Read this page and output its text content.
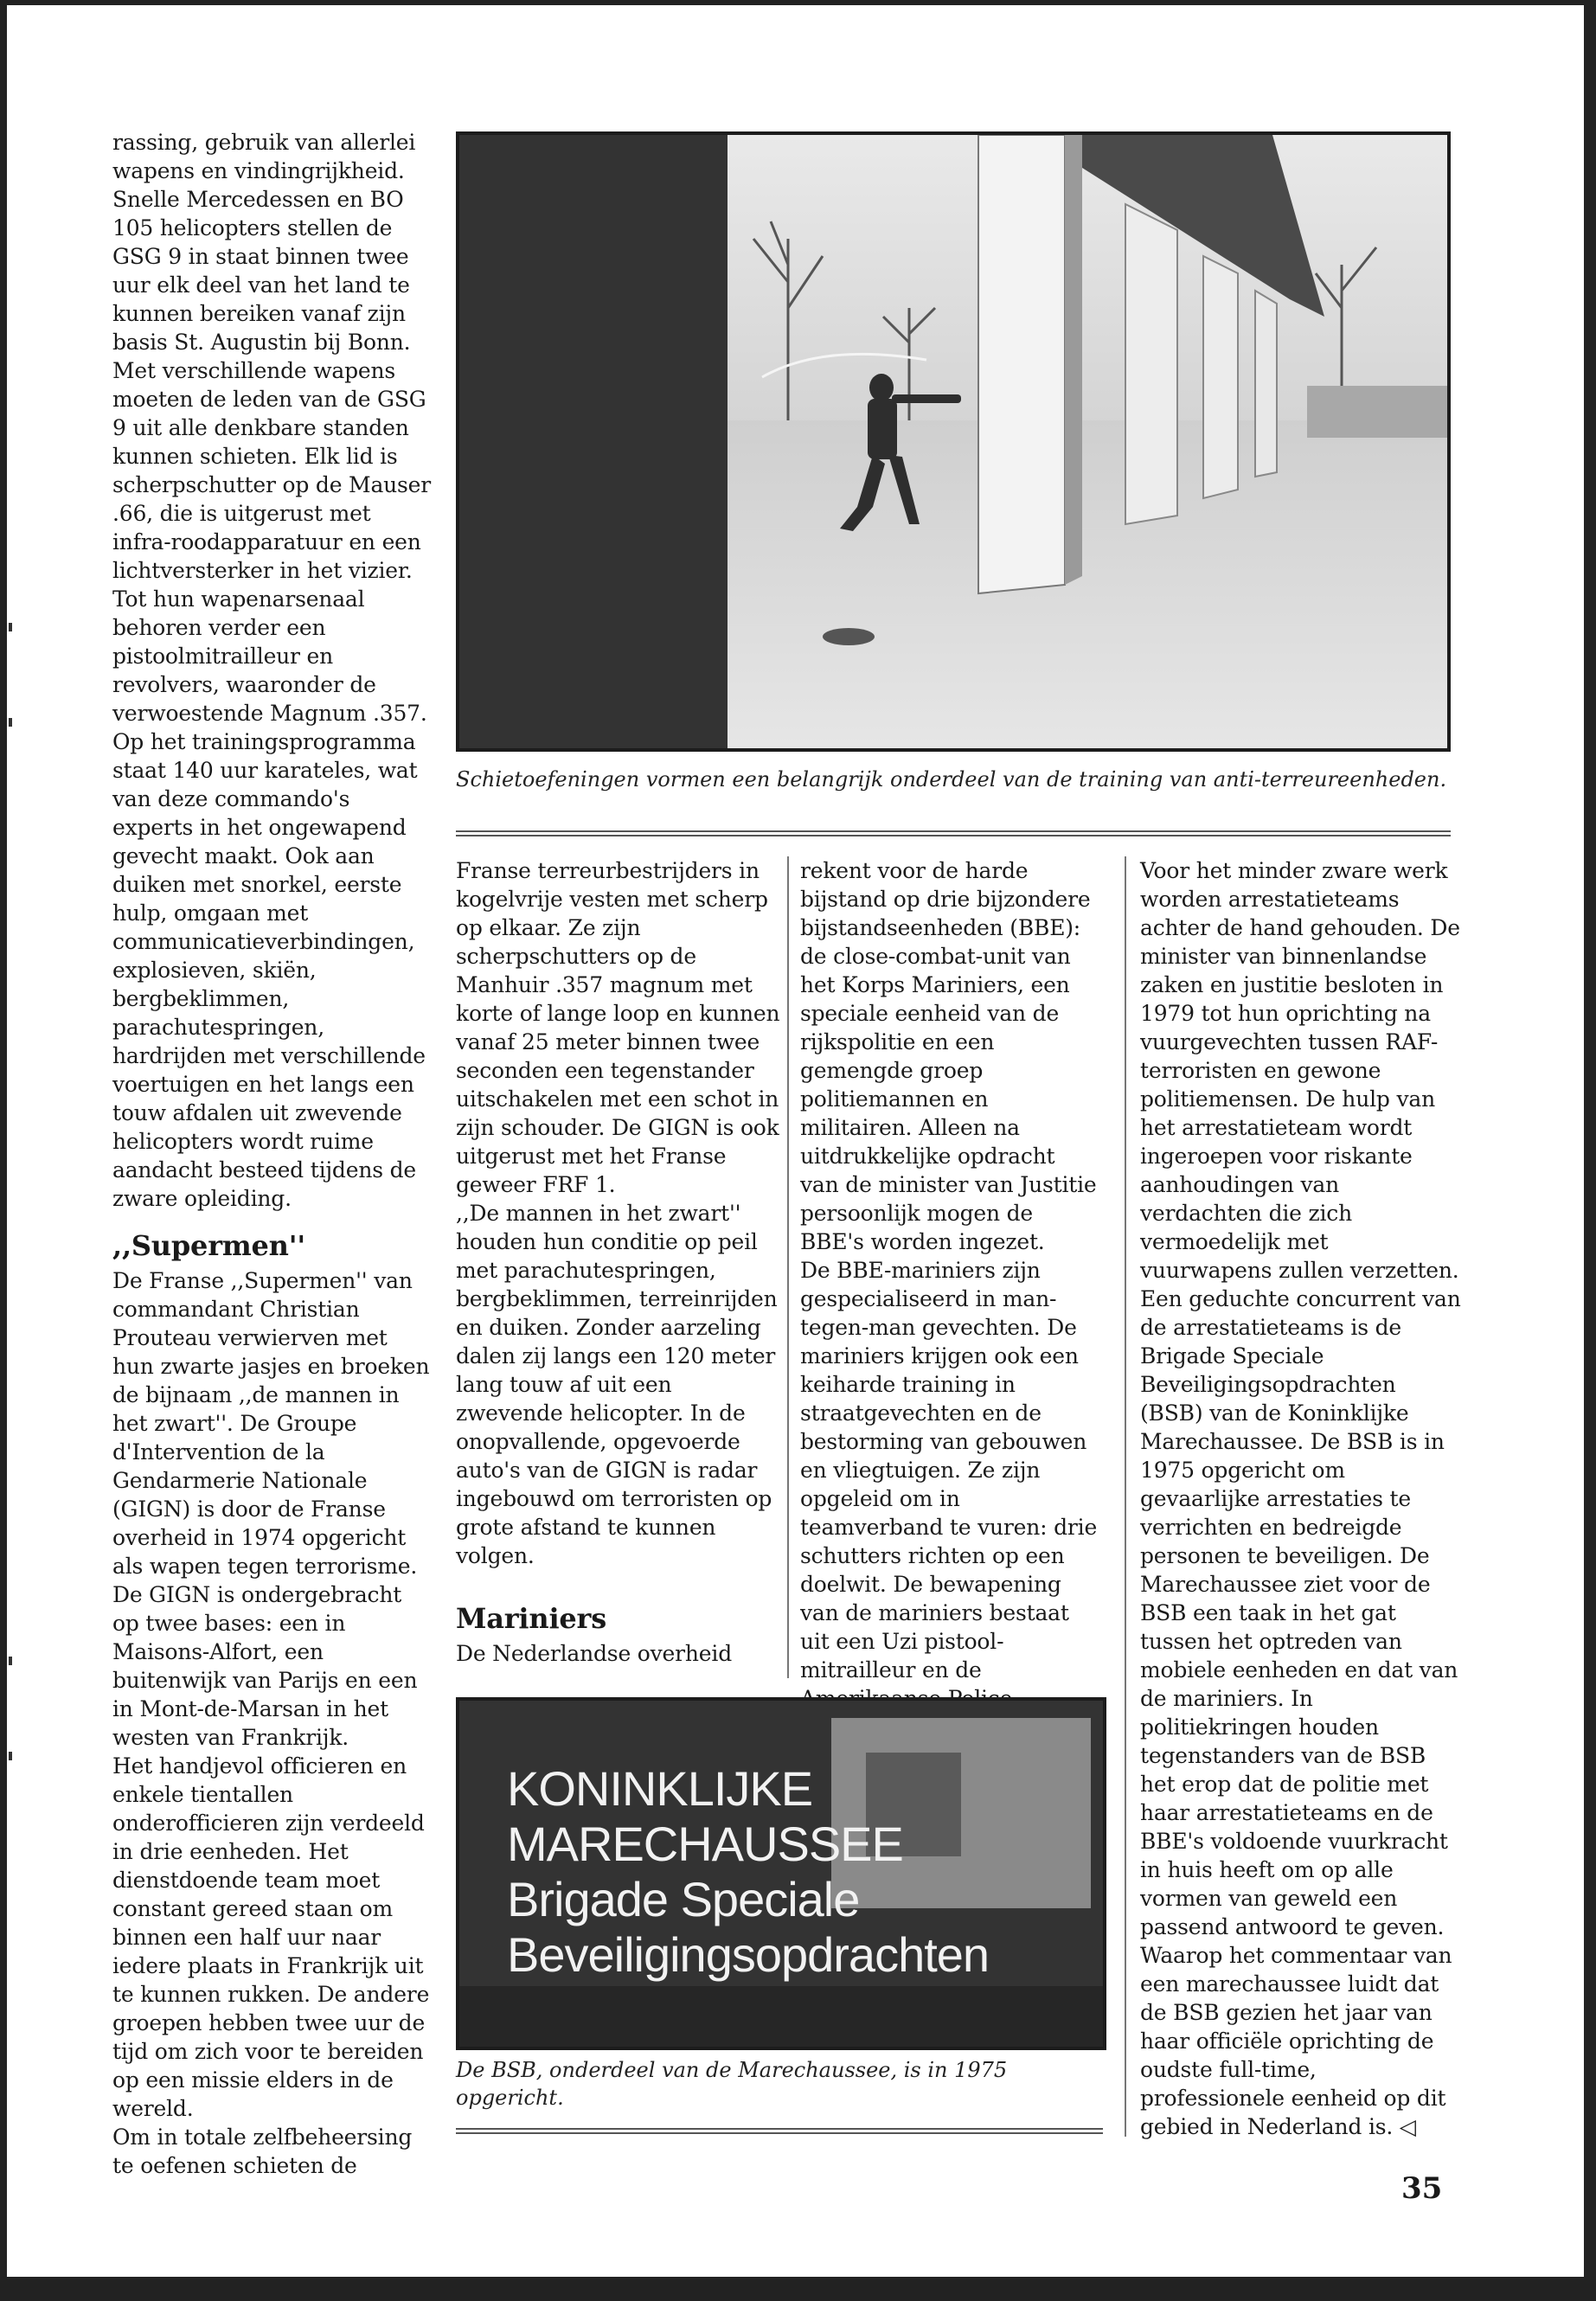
rassing, gebruik van allerlei wapens en vindingrijkheid. Snelle Mercedessen en BO 105 helicopters stellen de GSG 9 in staat binnen twee uur elk deel van het land te kunnen bereiken vanaf zijn basis St. Augustin bij Bonn.

Met verschillende wapens moeten de leden van de GSG 9 uit alle denkbare standen kunnen schieten. Elk lid is scherpschutter op de Mauser .66, die is uitgerust met infra-roodapparatuur en een lichtversterker in het vizier. Tot hun wapenarsenaal behoren verder een pistoolmitrailleur en revolvers, waaronder de verwoestende Magnum .357.

Op het trainingsprogramma staat 140 uur karateles, wat van deze commando's experts in het ongewapend gevecht maakt. Ook aan duiken met snorkel, eerste hulp, omgaan met communicatieverbindingen, explosieven, skiën, bergbeklimmen, parachutespringen, hardrijden met verschillende voertuigen en het langs een touw afdalen uit zwevende helicopters wordt ruime aandacht besteed tijdens de zware opleiding.

,,Supermen''

De Franse ,,Supermen'' van commandant Christian Prouteau verwierven met hun zwarte jasjes en broeken de bijnaam ,,de mannen in het zwart''. De Groupe d'Intervention de la Gendarmerie Nationale (GIGN) is door de Franse overheid in 1974 opgericht als wapen tegen terrorisme.

De GIGN is ondergebracht op twee bases: een in Maisons-Alfort, een buitenwijk van Parijs en een in Mont-de-Marsan in het westen van Frankrijk.

Het handjevol officieren en enkele tientallen onderofficieren zijn verdeeld in drie eenheden. Het dienstdoende team moet constant gereed staan om binnen een half uur naar iedere plaats in Frankrijk uit te kunnen rukken. De andere groepen hebben twee uur de tijd om zich voor te bereiden op een missie elders in de wereld.

Om in totale zelfbeheersing te oefenen schieten de

Schietoefeningen vormen een belangrijk onderdeel van de training van anti-terreureenheden.

Franse terreurbestrijders in kogelvrije vesten met scherp op elkaar. Ze zijn scherpschutters op de Manhuir .357 magnum met korte of lange loop en kunnen vanaf 25 meter binnen twee seconden een tegenstander uitschakelen met een schot in zijn schouder. De GIGN is ook uitgerust met het Franse geweer FRF 1.

,,De mannen in het zwart'' houden hun conditie op peil met parachutespringen, bergbeklimmen, terreinrijden en duiken. Zonder aarzeling dalen zij langs een 120 meter lang touw af uit een zwevende helicopter. In de onopvallende, opgevoerde auto's van de GIGN is radar ingebouwd om terroristen op grote afstand te kunnen volgen.

Mariniers

De Nederlandse overheid

rekent voor de harde bijstand op drie bijzondere bijstandseenheden (BBE): de close-combat-unit van het Korps Mariniers, een speciale eenheid van de rijkspolitie en een gemengde groep politiemannen en militairen. Alleen na uitdrukkelijke opdracht van de minister van Justitie persoonlijk mogen de BBE's worden ingezet.

De BBE-mariniers zijn gespecialiseerd in man-tegen-man gevechten. De mariniers krijgen ook een keiharde training in straatgevechten en de bestorming van gebouwen en vliegtuigen. Ze zijn opgeleid om in teamverband te vuren: drie schutters richten op een doelwit. De bewapening van de mariniers bestaat uit een Uzi pistool-mitrailleur en de

Voor het minder zware werk worden arrestatieteams achter de hand gehouden. De minister van binnenlandse zaken en justitie besloten in 1979 tot hun oprichting na vuurgevechten tussen RAF-terroristen en gewone politiemensen. De hulp van het arrestatieteam wordt ingeroepen voor riskante aanhoudingen van verdachten die zich vermoedelijk met vuurwapens zullen verzetten.

Een geduchte concurrent van de arrestatieteams is de Brigade Speciale Beveiligingsopdrachten (BSB) van de Koninklijke Marechaussee. De BSB is in 1975 opgericht om gevaarlijke arrestaties te verrichten en bedreigde personen te beveiligen. De Marechaussee ziet voor de BSB een taak in het gat tussen het optreden van mobiele eenheden en dat van de mariniers. In politiekringen houden tegenstanders van de BSB het erop dat de politie met haar arrestatieteams en de BBE's voldoende vuurkracht in huis heeft om op alle vormen van geweld een passend antwoord te geven. Waarop het commentaar van een marechaussee luidt dat de BSB gezien het jaar van haar officiële oprichting de oudste full-time, professionele eenheid op dit gebied in Nederland is. ◁

KONINKLIJKE
MARECHAUSSEE
Brigade Speciale
Beveiligingsopdrachten
De BSB, onderdeel van de Marechaussee, is in 1975 opgericht.
35
